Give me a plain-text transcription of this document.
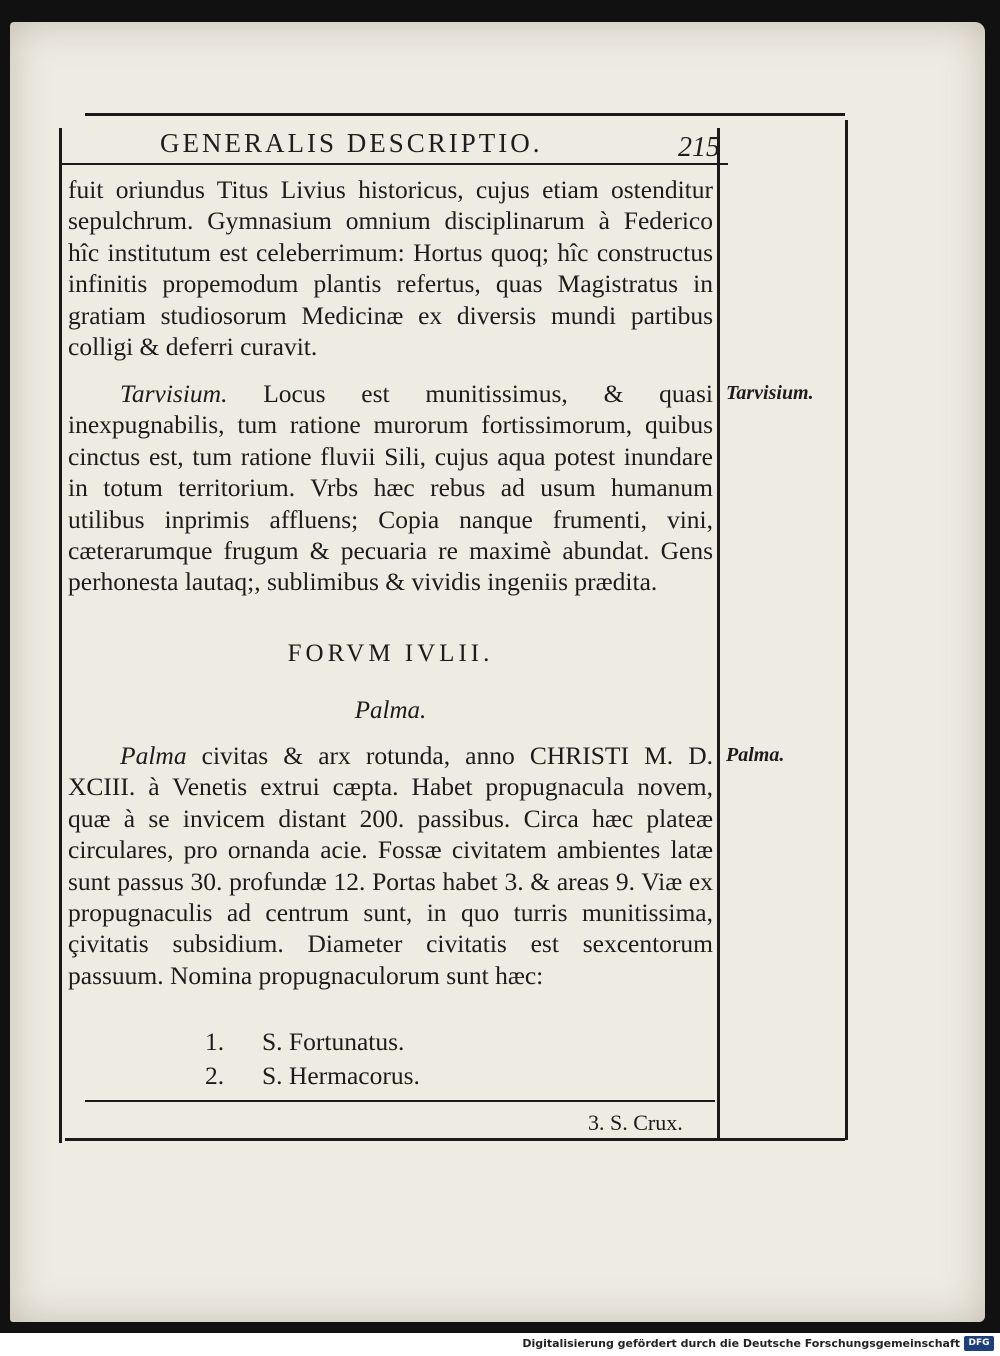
GENERALIS DESCRIPTIO.	215
fuit oriundus Titus Livius historicus, cujus etiam ostenditur sepulchrum. Gymnasium omnium disciplinarum à Federico hîc institutum est celeberrimum: Hortus quoq; hîc constructus infinitis propemodum plantis refertus, quas Magistratus in gratiam studiosorum Medicinæ ex diversis mundi partibus colligi & deferri curavit.
Tarvisium. Locus est munitissimus, & quasi inexpugnabilis, tum ratione murorum fortissimorum, quibus cinctus est, tum ratione fluvii Sili, cujus aqua potest inundare in totum territorium. Vrbs hæc rebus ad usum humanum utilibus inprimis affluens; Copia nanque frumenti, vini, cæterarumque frugum & pecuaria re maximè abundat. Gens perhonesta lautaq;, sublimibus & vividis ingeniis prædita.
Tarvisium.
FORVM IVLII.
Palma.
Palma civitas & arx rotunda, anno CHRISTI M. D. XCIII. à Venetis extrui cæpta. Habet propugnacula novem, quæ à se invicem distant 200. passibus. Circa hæc plateæ circulares, pro ornanda acie. Fossæ civitatem ambientes latæ sunt passus 30. profundæ 12. Portas habet 3. & areas 9. Viæ ex propugnaculis ad centrum sunt, in quo turris munitissima, çivitatis subsidium. Diameter civitatis est sexcentorum passuum. Nomina propugnaculorum sunt hæc:
Palma.
1. S. Fortunatus.
2. S. Hermacorus.
3. S. Crux.
Digitalisierung gefördert durch die Deutsche Forschungsgemeinschaft DFG
